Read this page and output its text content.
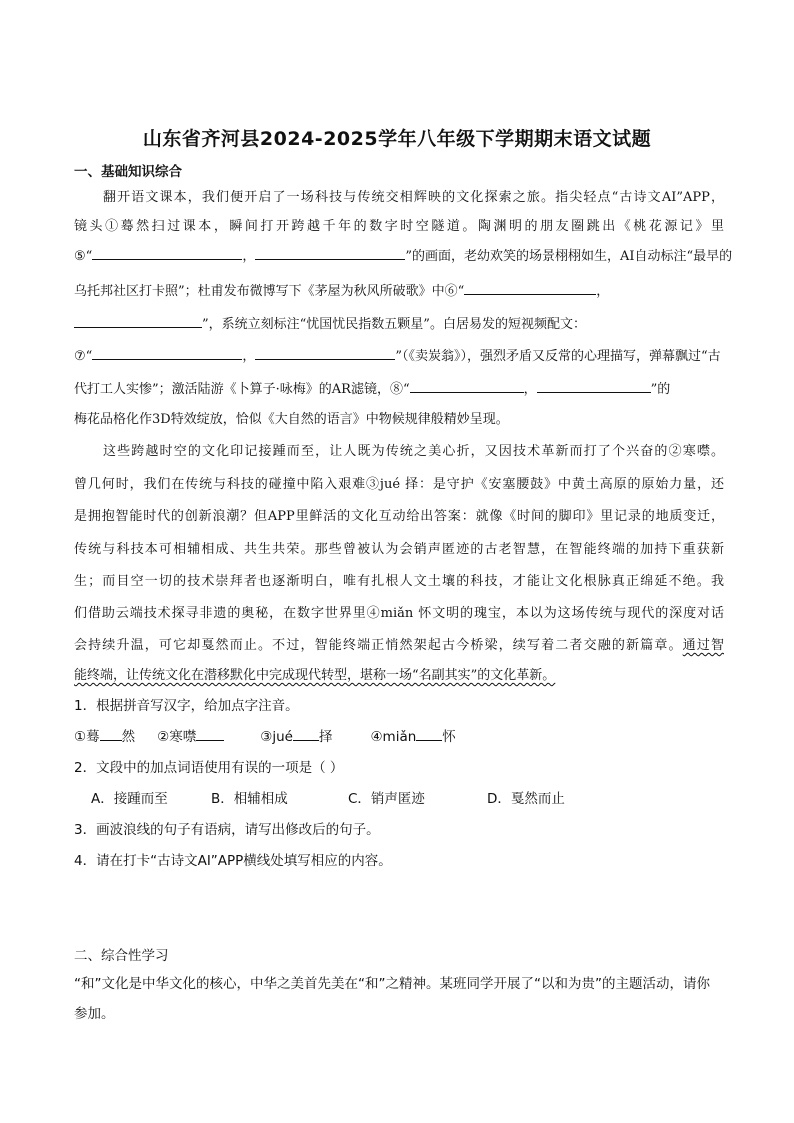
山东省齐河县2024-2025学年八年级下学期期末语文试题
一、基础知识综合
翻开语文课本，我们便开启了一场科技与传统交相辉映的文化探索之旅。指尖轻点“古诗文AI”APP，
镜头①蓦然扫过课本，瞬间打开跨越千年的数字时空隧道。陶渊明的朋友圈跳出《桃花源记》里
⑤“	，	”的画面，老幼欢笑的场景栩栩如生，AI自动标注“最早的
乌托邦社区打卡照”；杜甫发布微博写下《茅屋为秋风所破歌》中⑥“	，
”，系统立刻标注“忧国忧民指数五颗星”。白居易发的短视频配文：
⑦“	，	”（《卖炭翁》），强烈矛盾又反常的心理描写，弹幕飘过“古
代打工人实惨”；激活陆游《卜算子·咏梅》的AR滤镜，⑧“	，	”的
梅花品格化作3D特效绽放，恰似《大自然的语言》中物候规律般精妙呈现。
这些跨越时空的文化印记接踵而至，让人既为传统之美心折，又因技术革新而打了个兴奋的②寒噤。
曾几何时，我们在传统与科技的碰撞中陷入艰难③jué 择：是守护《安塞腰鼓》中黄土高原的原始力量，还
是拥抱智能时代的创新浪潮？但APP里鲜活的文化互动给出答案：就像《时间的脚印》里记录的地质变迁，
传统与科技本可相辅相成、共生共荣。那些曾被认为会销声匿迹的古老智慧，在智能终端的加持下重获新
生；而目空一切的技术崇拜者也逐渐明白，唯有扎根人文土壤的科技，才能让文化根脉真正绵延不绝。我
们借助云端技术探寻非遗的奥秘，在数字世界里④miǎn 怀文明的瑰宝，本以为这场传统与现代的深度对话
会持续升温，可它却戛然而止。不过，智能终端正悄然架起古今桥梁，续写着二者交融的新篇章。通过智
能终端，让传统文化在潜移默化中完成现代转型，堪称一场“名副其实”的文化革新。
1．根据拼音写汉字，给加点字注音。
①蓦 然 ②寒噤	③jué 择	④miǎn 怀
2．文段中的加点词语使用有误的一项是（ ）
A．接踵而至	B．相辅相成	C．销声匿迹	D．戛然而止
3．画波浪线的句子有语病，请写出修改后的句子。
4．请在打卡“古诗文AI”APP横线处填写相应的内容。
二、综合性学习
“和”文化是中华文化的核心，中华之美首先美在“和”之精神。某班同学开展了“以和为贵”的主题活动，请你
参加。
